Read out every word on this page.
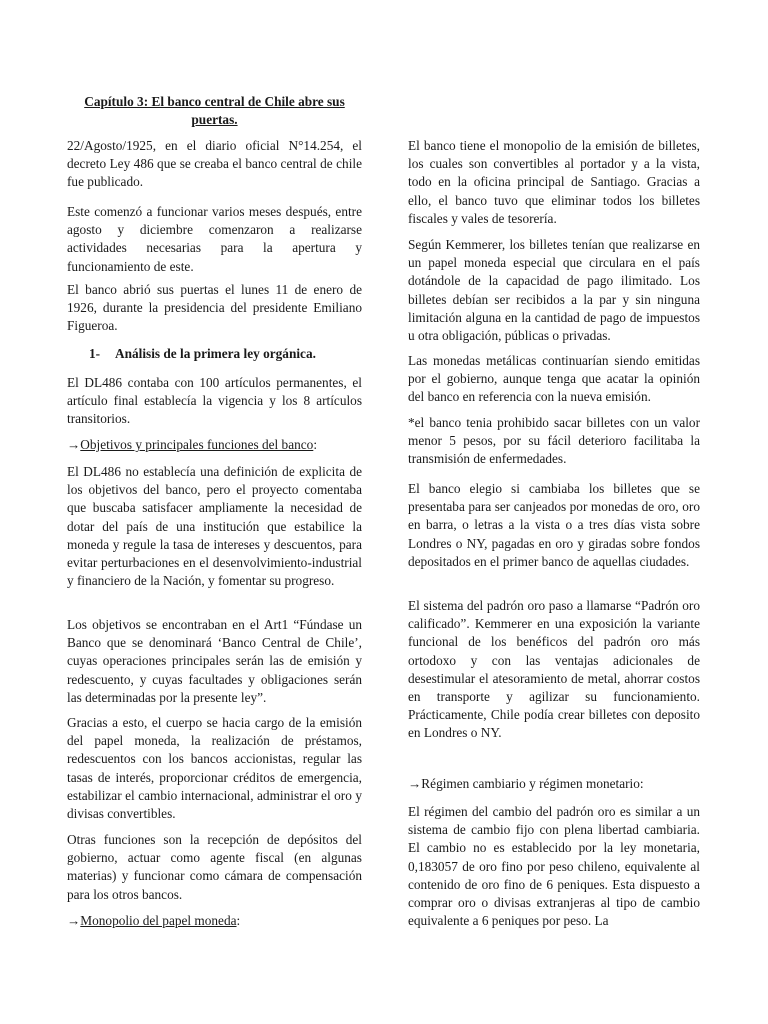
Capítulo 3: El banco central de Chile abre sus puertas.

22/Agosto/1925, en el diario oficial N°14.254, el decreto Ley 486 que se creaba el banco central de chile fue publicado.

Este comenzó a funcionar varios meses después, entre agosto y diciembre comenzaron a realizarse actividades necesarias para la apertura y funcionamiento de este.

El banco abrió sus puertas el lunes 11 de enero de 1926, durante la presidencia del presidente Emiliano Figueroa.

1- Análisis de la primera ley orgánica.

El DL486 contaba con 100 artículos permanentes, el artículo final establecía la vigencia y los 8 artículos transitorios.

→Objetivos y principales funciones del banco:

El DL486 no establecía una definición de explicita de los objetivos del banco, pero el proyecto comentaba que buscaba satisfacer ampliamente la necesidad de dotar del país de una institución que estabilice la moneda y regule la tasa de intereses y descuentos, para evitar perturbaciones en el desenvolvimiento-industrial y financiero de la Nación, y fomentar su progreso.

Los objetivos se encontraban en el Art1 “Fúndase un Banco que se denominará ‘Banco Central de Chile’, cuyas operaciones principales serán las de emisión y redescuento, y cuyas facultades y obligaciones serán las determinadas por la presente ley”.

Gracias a esto, el cuerpo se hacia cargo de la emisión del papel moneda, la realización de préstamos, redescuentos con los bancos accionistas, regular las tasas de interés, proporcionar créditos de emergencia, estabilizar el cambio internacional, administrar el oro y divisas convertibles.

Otras funciones son la recepción de depósitos del gobierno, actuar como agente fiscal (en algunas materias) y funcionar como cámara de compensación para los otros bancos.

→Monopolio del papel moneda:

El banco tiene el monopolio de la emisión de billetes, los cuales son convertibles al portador y a la vista, todo en la oficina principal de Santiago. Gracias a ello, el banco tuvo que eliminar todos los billetes fiscales y vales de tesorería.

Según Kemmerer, los billetes tenían que realizarse en un papel moneda especial que circulara en el país dotándole de la capacidad de pago ilimitado. Los billetes debían ser recibidos a la par y sin ninguna limitación alguna en la cantidad de pago de impuestos u otra obligación, públicas o privadas.

Las monedas metálicas continuarían siendo emitidas por el gobierno, aunque tenga que acatar la opinión del banco en referencia con la nueva emisión.

*el banco tenia prohibido sacar billetes con un valor menor 5 pesos, por su fácil deterioro facilitaba la transmisión de enfermedades.

El banco elegio si cambiaba los billetes que se presentaba para ser canjeados por monedas de oro, oro en barra, o letras a la vista o a tres días vista sobre Londres o NY, pagadas en oro y giradas sobre fondos depositados en el primer banco de aquellas ciudades.

El sistema del padrón oro paso a llamarse “Padrón oro calificado”. Kemmerer en una exposición la variante funcional de los benéficos del padrón oro más ortodoxo y con las ventajas adicionales de desestimular el atesoramiento de metal, ahorrar costos en transporte y agilizar su funcionamiento. Prácticamente, Chile podía crear billetes con deposito en Londres o NY.

→Régimen cambiario y régimen monetario:

El régimen del cambio del padrón oro es similar a un sistema de cambio fijo con plena libertad cambiaria. El cambio no es establecido por la ley monetaria, 0,183057 de oro fino por peso chileno, equivalente al contenido de oro fino de 6 peniques. Esta dispuesto a comprar oro o divisas extranjeras al tipo de cambio equivalente a 6 peniques por peso. La
